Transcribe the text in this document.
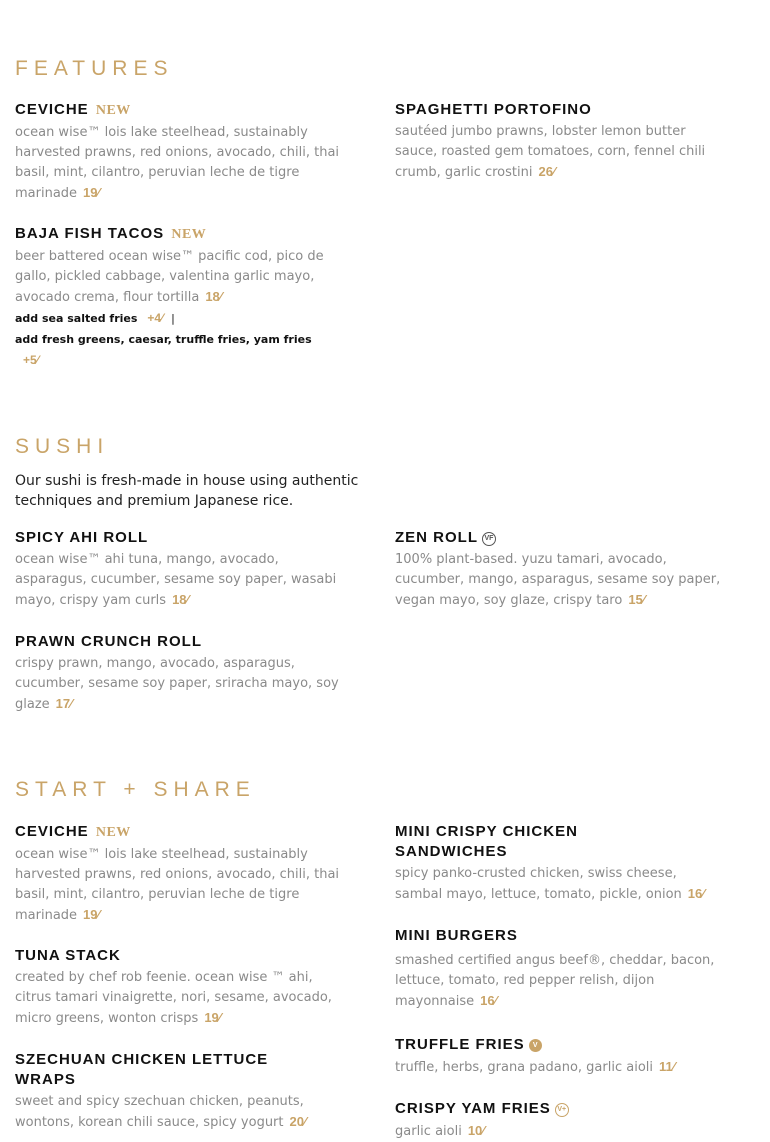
FEATURES
CEVICHE NEW

ocean wise™ lois lake steelhead, sustainably harvested prawns, red onions, avocado, chili, thai basil, mint, cilantro, peruvian leche de tigre marinade 19⁄

SPAGHETTI PORTOFINO

sautéed jumbo prawns, lobster lemon butter sauce, roasted gem tomatoes, corn, fennel chili crumb, garlic crostini 26⁄

BAJA FISH TACOS NEW

beer battered ocean wise™ pacific cod, pico de gallo, pickled cabbage, valentina garlic mayo, avocado crema, flour tortilla 18⁄

add sea salted fries +4⁄ |

add fresh greens, caesar, truffle fries, yam fries
+5⁄

SUSHI

Our sushi is fresh-made in house using authentic techniques and premium Japanese rice.

SPICY AHI ROLL

ocean wise™ ahi tuna, mango, avocado, asparagus, cucumber, sesame soy paper, wasabi mayo, crispy yam curls 18⁄

ZEN ROLL VF

100% plant-based. yuzu tamari, avocado, cucumber, mango, asparagus, sesame soy paper, vegan mayo, soy glaze, crispy taro 15⁄

PRAWN CRUNCH ROLL

crispy prawn, mango, avocado, asparagus, cucumber, sesame soy paper, sriracha mayo, soy glaze 17⁄

START + SHARE
CEVICHE NEW

ocean wise™ lois lake steelhead, sustainably harvested prawns, red onions, avocado, chili, thai basil, mint, cilantro, peruvian leche de tigre marinade 19⁄

MINI CRISPY CHICKEN SANDWICHES

spicy panko-crusted chicken, swiss cheese, sambal mayo, lettuce, tomato, pickle, onion 16⁄

TUNA STACK

created by chef rob feenie. ocean wise ™ ahi, citrus tamari vinaigrette, nori, sesame, avocado, micro greens, wonton crisps 19⁄

MINI BURGERS

smashed certified angus beef®, cheddar, bacon, lettuce, tomato, red pepper relish, dijon mayonnaise 16⁄

SZECHUAN CHICKEN LETTUCE WRAPS

sweet and spicy szechuan chicken, peanuts, wontons, korean chili sauce, spicy yogurt 20⁄

TRUFFLE FRIES V

truffle, herbs, grana padano, garlic aioli 11⁄

CRISPY YAM FRIES V+

garlic aioli 10⁄
